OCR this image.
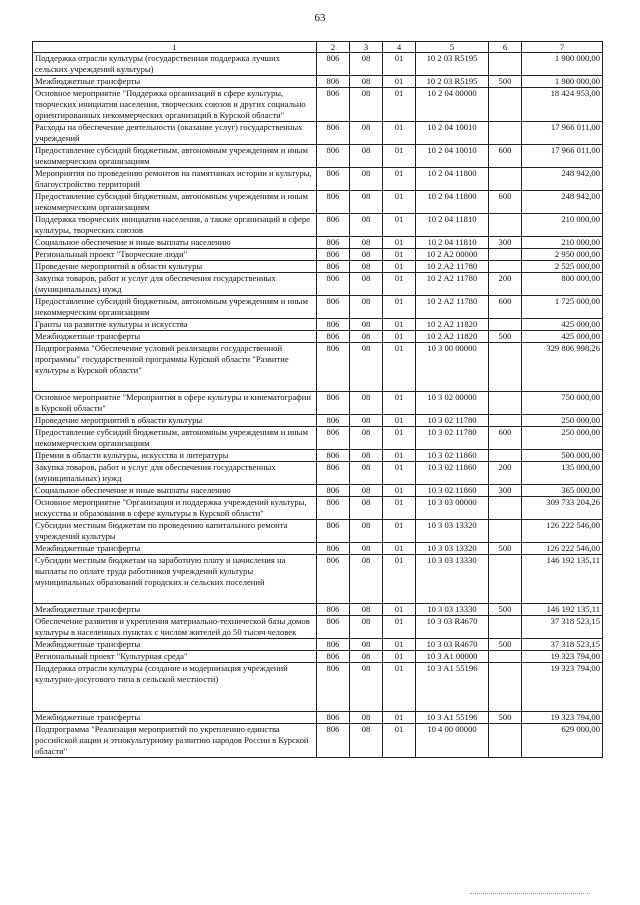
63
1	2	3	4	5	6	7
Поддержка отрасли культуры (государственная поддержка лучших сельских учреждений культуры)	806	08	01	10 2 03 R5195		1 900 000,00
Межбюджетные трансферты	806	08	01	10 2 03 R5195	500	1 900 000,00
Основное мероприятие "Поддержка организаций в сфере культуры, творческих инициатив населения, творческих союзов и других социально ориентированных некоммерческих организаций в Курской области"	806	08	01	10 2 04 00000		18 424 953,00
Расходы на обеспечение деятельности (оказание услуг) государственных учреждений	806	08	01	10 2 04 10010		17 966 011,00
Предоставление субсидий бюджетным, автономным учреждениям и иным некоммерческим организациям	806	08	01	10 2 04 10010	600	17 966 011,00
Мероприятия по проведению ремонтов на памятниках истории и культуры, благоустройство территорий	806	08	01	10 2 04 11800		248 942,00
Предоставление субсидий бюджетным, автономным учреждениям и иным некоммерческим организациям	806	08	01	10 2 04 11800	600	248 942,00
Поддержка творческих инициатив населения, а также организаций в сфере культуры, творческих союзов	806	08	01	10 2 04 11810		210 000,00
Социальное обеспечение и иные выплаты населению	806	08	01	10 2 04 11810	300	210 000,00
Региональный проект "Творческие люди"	806	08	01	10 2 A2 00000		2 950 000,00
Проведение мероприятий в области культуры	806	08	01	10 2 A2 11780		2 525 000,00
Закупка товаров, работ и услуг для обеспечения государственных (муниципальных) нужд	806	08	01	10 2 A2 11780	200	800 000,00
Предоставление субсидий бюджетным, автономным учреждениям и иным некоммерческим организациям	806	08	01	10 2 A2 11780	600	1 725 000,00
Гранты на развитие культуры и искусства	806	08	01	10 2 A2 11820		425 000,00
Межбюджетные трансферты	806	08	01	10 2 A2 11820	500	425 000,00
Подпрограмма "Обеспечение условий реализации государственной программы" государственной программы Курской области "Развитие культуры в Курской области"	806	08	01	10 3 00 00000		329 806 998,26
Основное мероприятие "Мероприятия в сфере культуры и кинематографии в Курской области"	806	08	01	10 3 02 00000		750 000,00
Проведение мероприятий в области культуры	806	08	01	10 3 02 11780		250 000,00
Предоставление субсидий бюджетным, автономным учреждениям и иным некоммерческим организациям	806	08	01	10 3 02 11780	600	250 000,00
Премии в области культуры, искусства и литературы	806	08	01	10 3 02 11860		500 000,00
Закупка товаров, работ и услуг для обеспечения государственных (муниципальных) нужд	806	08	01	10 3 02 11860	200	135 000,00
Социальное обеспечение и иные выплаты населению	806	08	01	10 3 02 11860	300	365 000,00
Основное мероприятие "Организация и поддержка учреждений культуры, искусства и образования в сфере культуры в Курской области"	806	08	01	10 3 03 00000		309 733 204,26
Субсидии местным бюджетам по проведению капитального ремонта учреждений культуры	806	08	01	10 3 03 13320		126 222 546,00
Межбюджетные трансферты	806	08	01	10 3 03 13320	500	126 222 546,00
Субсидии местным бюджетам на заработную плату и начисления на выплаты по оплате труда работников учреждений культуры муниципальных образований городских и сельских поселений	806	08	01	10 3 03 13330		146 192 135,11
Межбюджетные трансферты	806	08	01	10 3 03 13330	500	146 192 135,11
Обеспечение развития и укрепления материально-технической базы домов культуры в населенных пунктах с числом жителей до 50 тысяч человек	806	08	01	10 3 03 R4670		37 318 523,15
Межбюджетные трансферты	806	08	01	10 3 03 R4670	500	37 318 523,15
Региональный проект "Культурная среда"	806	08	01	10 3 A1 00000		19 323 794,00
Поддержка отрасли культуры (создание и модернизация учреждений культурно-досугового типа в сельской местности)	806	08	01	10 3 A1 55196		19 323 794,00
Межбюджетные трансферты	806	08	01	10 3 A1 55196	500	19 323 794,00
Подпрограмма "Реализация мероприятий по укреплению единства российской нации и этнокультурному развитию народов России в Курской области"	806	08	01	10 4 00 00000		629 000,00
